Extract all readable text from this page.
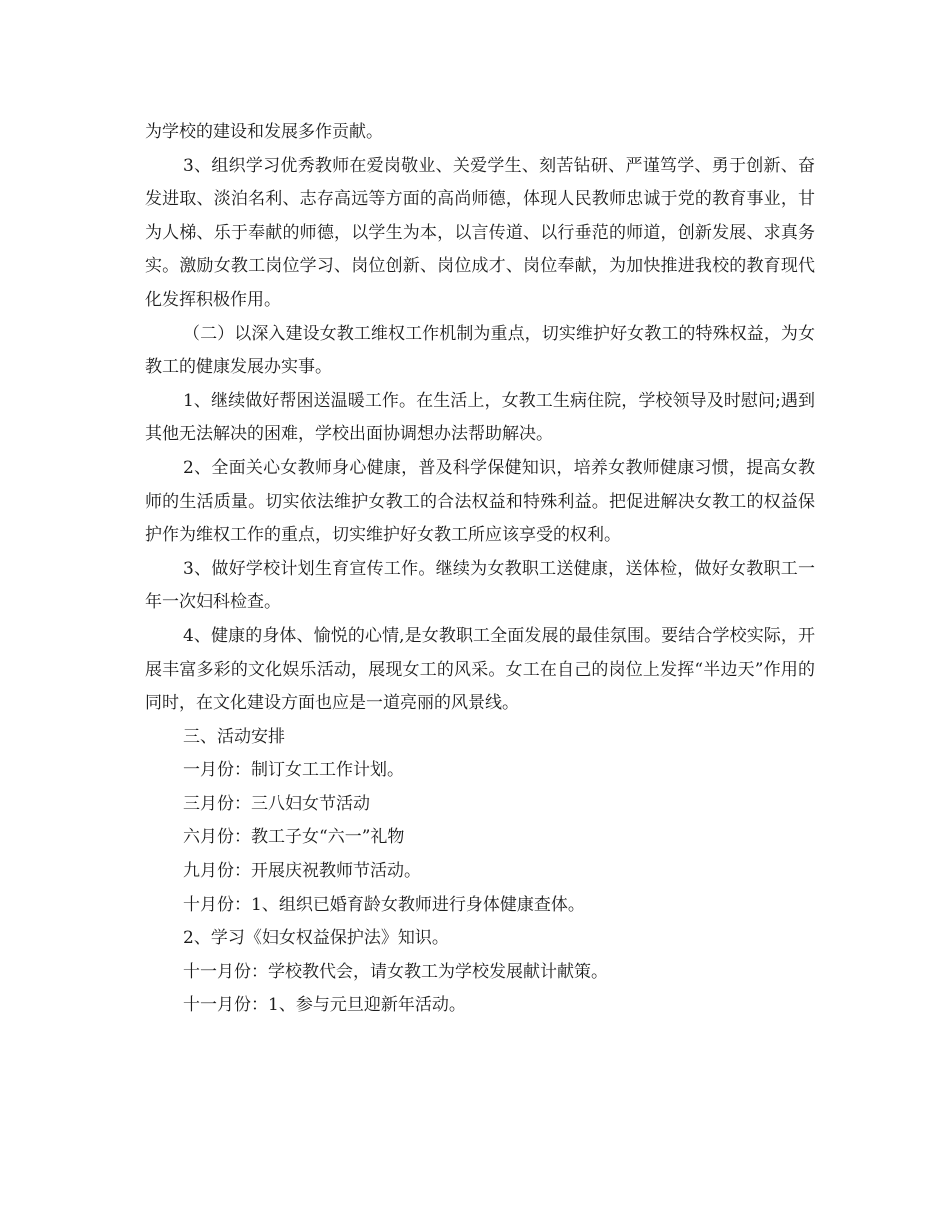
为学校的建设和发展多作贡献。

3、组织学习优秀教师在爱岗敬业、关爱学生、刻苦钻研、严谨笃学、勇于创新、奋发进取、淡泊名利、志存高远等方面的高尚师德，体现人民教师忠诚于党的教育事业，甘为人梯、乐于奉献的师德，以学生为本，以言传道、以行垂范的师道，创新发展、求真务实。激励女教工岗位学习、岗位创新、岗位成才、岗位奉献，为加快推进我校的教育现代化发挥积极作用。

（二）以深入建设女教工维权工作机制为重点，切实维护好女教工的特殊权益，为女教工的健康发展办实事。

1、继续做好帮困送温暖工作。在生活上，女教工生病住院，学校领导及时慰问;遇到其他无法解决的困难，学校出面协调想办法帮助解决。

2、全面关心女教师身心健康，普及科学保健知识，培养女教师健康习惯，提高女教师的生活质量。切实依法维护女教工的合法权益和特殊利益。把促进解决女教工的权益保护作为维权工作的重点，切实维护好女教工所应该享受的权利。

3、做好学校计划生育宣传工作。继续为女教职工送健康，送体检，做好女教职工一年一次妇科检查。

4、健康的身体、愉悦的心情,是女教职工全面发展的最佳氛围。要结合学校实际，开展丰富多彩的文化娱乐活动，展现女工的风采。女工在自己的岗位上发挥“半边天”作用的同时，在文化建设方面也应是一道亮丽的风景线。

三、活动安排

一月份：制订女工工作计划。

三月份：三八妇女节活动

六月份：教工子女“六一”礼物

九月份：开展庆祝教师节活动。

十月份：1、组织已婚育龄女教师进行身体健康查体。

2、学习《妇女权益保护法》知识。

十一月份：学校教代会，请女教工为学校发展献计献策。

十一月份：1、参与元旦迎新年活动。
